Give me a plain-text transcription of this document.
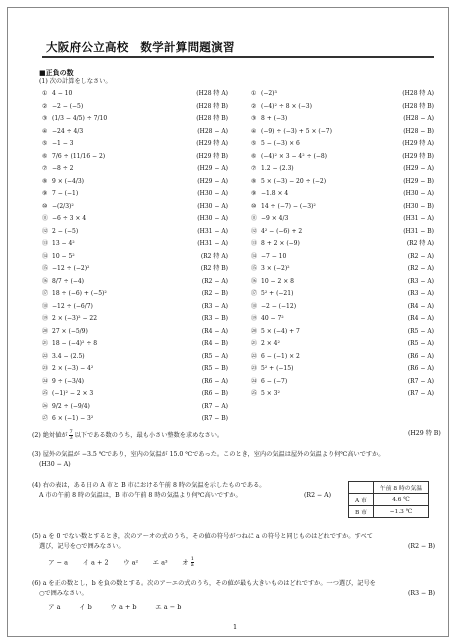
大阪府公立高校　数学計算問題演習
■正負の数
(1) 次の計算をしなさい。
① 4 − 10	(H28 特 A)
② −2 − (−5)	(H28 特 B)
③ (1/3 − 4/5) ÷ 7/10	(H28 特 B)
④ −24 ÷ 4/3	(H28 − A)
⑤ −1 − 3	(H29 特 A)
⑥ 7/6 ÷ (11/16 − 2)	(H29 特 B)
⑦ −8 ÷ 2	(H29 − A)
⑧ 9 × (−4/3)	(H29 − A)
⑨ 7 − (−1)	(H30 − A)
⑩ −(2/3)²	(H30 − A)
⑪ −6 ÷ 3 × 4	(H30 − A)
⑫ 2 − (−5)	(H31 − A)
⑬ 13 − 4²	(H31 − A)
⑭ 10 − 5²	(R2 特 A)
⑮ −12 ÷ (−2)²	(R2 特 B)
⑯ 8/7 ÷ (−4)	(R2 − A)
⑰ 18 ÷ (−6) + (−5)²	(R2 − B)
⑱ −12 ÷ (−6/7)	(R3 − A)
⑲ 2 × (−3)² − 22	(R3 − B)
⑳ 27 × (−5/9)	(R4 − A)
㉑ 18 − (−4)² ÷ 8	(R4 − B)
㉒ 3.4 − (2.5)	(R5 − A)
㉓ 2 × (−3) − 4²	(R5 − B)
㉔ 9 ÷ (−3/4)	(R6 − A)
㉕ (−1)² − 2 × 3	(R6 − B)
㉖ 9/2 ÷ (−9/4)	(R7 − A)
㉗ 6 × (−1) − 3²	(R7 − B)
① (−2)³	(H28 特 A)
② (−4)² ÷ 8 × (−3)	(H28 特 B)
③ 8 + (−3)	(H28 − A)
④ (−9) ÷ (−3) + 5 × (−7)	(H28 − B)
⑤ 5 − (−3) × 6	(H29 特 A)
⑥ (−4)² × 3 − 4² ÷ (−8)	(H29 特 B)
⑦ 1.2 − (2.3)	(H29 − A)
⑧ 5 × (−3) − 20 ÷ (−2)	(H29 − B)
⑨ −1.8 × 4	(H30 − A)
⑩ 14 ÷ (−7) − (−3)²	(H30 − B)
⑪ −9 × 4/3	(H31 − A)
⑫ 4² − (−6) + 2	(H31 − B)
⑬ 8 + 2 × (−9)	(R2 特 A)
⑭ −7 − 10	(R2 − A)
⑮ 3 × (−2)²	(R2 − A)
⑯ 10 − 2 × 8	(R3 − A)
⑰ 5² + (−21)	(R3 − A)
⑱ −2 − (−12)	(R4 − A)
⑲ 40 − 7²	(R4 − A)
⑳ 5 × (−4) + 7	(R5 − A)
㉑ 2 × 4²	(R5 − A)
㉒ 6 − (−1) × 2	(R6 − A)
㉓ 5² + (−15)	(R6 − A)
㉔ 6 − (−7)	(R7 − A)
㉕ 5 × 3²	(R7 − A)
(2) 絶対値が $\frac{7}{3}$ 以下である数のうち，最も小さい整数を求めなさい。	(H29 特 B)
(3) 屋外の気温が −3.5 ℃であり，室内の気温が 15.0 ℃であった。このとき，室内の気温は屋外の気温より何℃高いですか。
(H30 − A)
(4) 右の表は，ある日の A 市と B 市における午前 8 時の気温を示したものである。
A 市の午前 8 時の気温は，B 市の午前 8 時の気温より何℃高いですか。	(R2 − A)
	午前 8 時の気温
A 市	4.6 ℃
B 市	−1.3 ℃
(5) a を 0 でない数とするとき，次のア〜オの式のうち，その値の符号がつねに a の符号と同じものはどれですか。すべて
選び，記号を○で囲みなさい。	(R2 − B)
ア − a イ a + 2 ウ a² エ a³ オ $\frac{1}{a}$
(6) a を正の数とし，b を負の数とする。次のア〜エの式のうち，その値が最も大きいものはどれですか。一つ選び，記号を
○で囲みなさい。	(R3 − B)
ア a	イ b	ウ a + b	エ a − b
1
